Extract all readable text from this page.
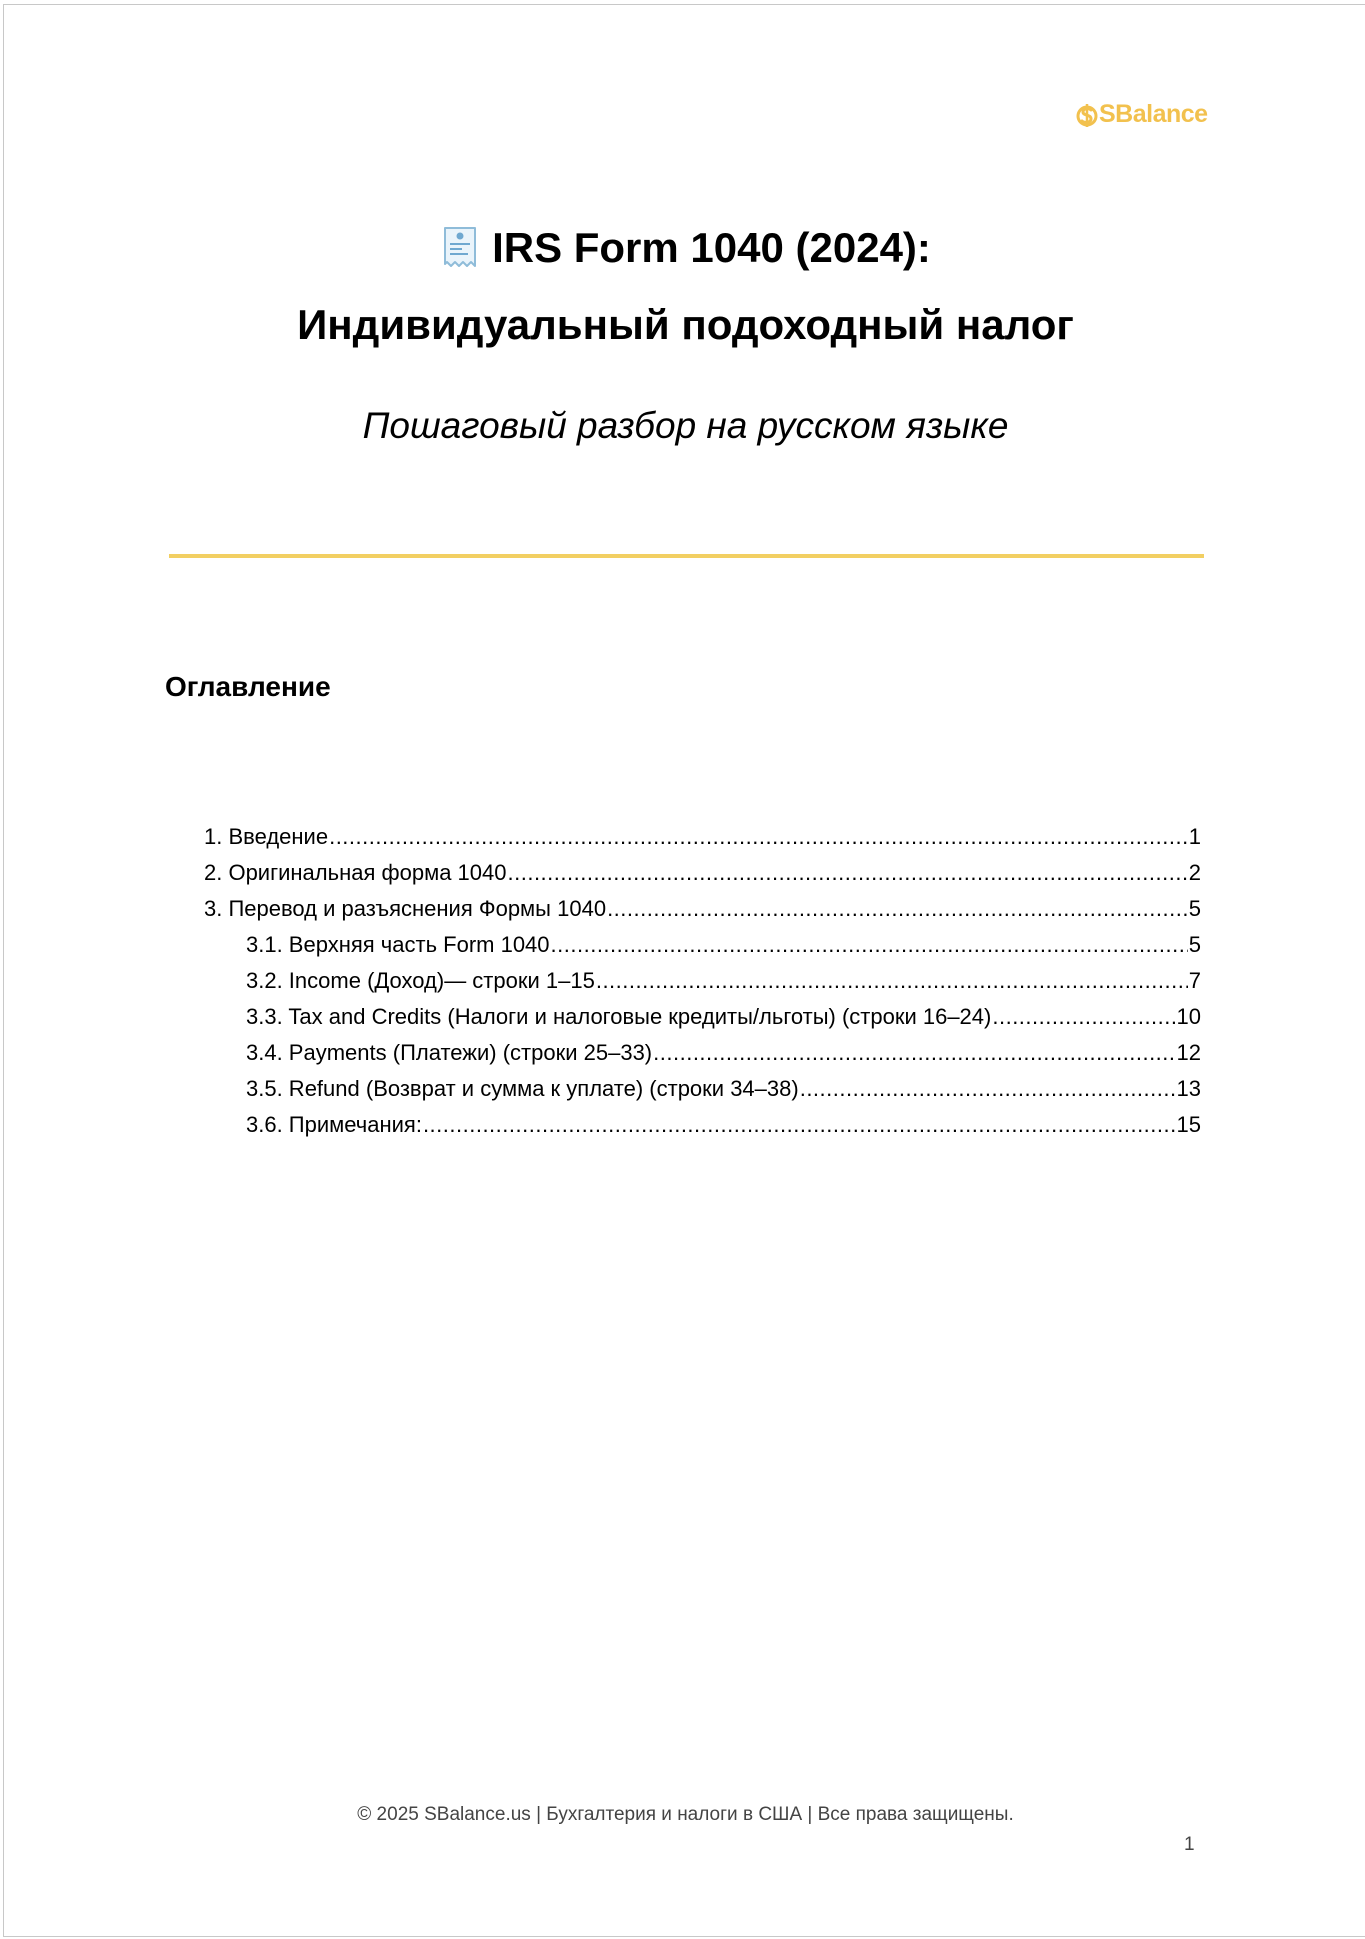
SBalance
IRS Form 1040 (2024):
Индивидуальный подоходный налог
Пошаговый разбор на русском языке
Оглавление
1. Введение .....	1
2. Оригинальная форма 1040 .....	2
3. Перевод и разъяснения Формы 1040 .....	5
3.1. Верхняя часть Form 1040 .....	5
3.2. Income (Доход)— строки 1–15 .....	7
3.3. Tax and Credits (Налоги и налоговые кредиты/льготы) (строки 16–24) .....	10
3.4. Payments (Платежи) (строки 25–33) .....	12
3.5. Refund (Возврат и сумма к уплате) (строки 34–38) .....	13
3.6. Примечания: .....	15
© 2025 SBalance.us | Бухгалтерия и налоги в США | Все права защищены.
1
